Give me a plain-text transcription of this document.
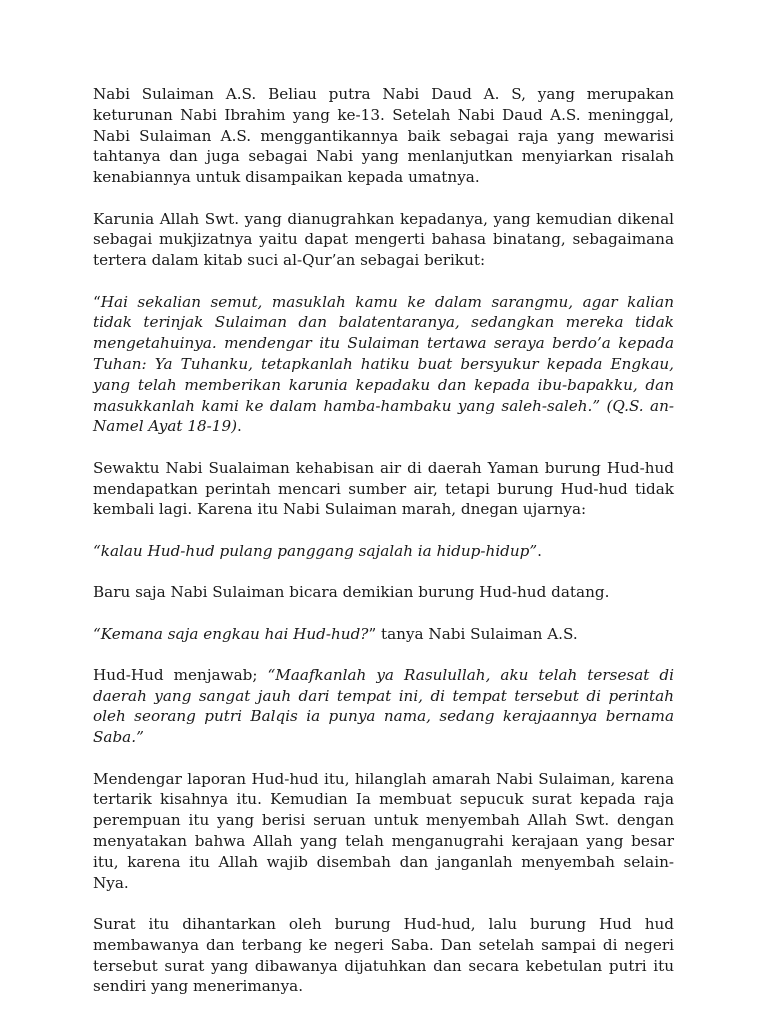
Nabi Sulaiman A.S. Beliau putra Nabi Daud A. S, yang merupakan keturunan Nabi Ibrahim yang ke-13. Setelah Nabi Daud A.S. meninggal, Nabi Sulaiman A.S. menggantikannya baik sebagai raja yang mewarisi tahtanya dan juga sebagai Nabi yang menlanjutkan menyiarkan risalah kenabiannya untuk disampaikan kepada umatnya.

Karunia Allah Swt. yang dianugrahkan kepadanya, yang kemudian dikenal sebagai mukjizatnya yaitu dapat mengerti bahasa binatang, sebagaimana tertera dalam kitab suci al-Qur’an sebagai berikut:

“Hai sekalian semut, masuklah kamu ke dalam sarangmu, agar kalian tidak terinjak Sulaiman dan balatentaranya, sedangkan mereka tidak mengetahuinya. mendengar itu Sulaiman tertawa seraya berdo’a kepada Tuhan: Ya Tuhanku, tetapkanlah hatiku buat bersyukur kepada Engkau, yang telah memberikan karunia kepadaku dan kepada ibu-bapakku, dan masukkanlah kami ke dalam hamba-hambaku yang saleh-saleh.” (Q.S. an-Namel Ayat 18-19).

Sewaktu Nabi Sualaiman kehabisan air di daerah Yaman burung Hud-hud mendapatkan perintah mencari sumber air, tetapi burung Hud-hud tidak kembali lagi. Karena itu Nabi Sulaiman marah, dnegan ujarnya:

“kalau Hud-hud pulang panggang sajalah ia hidup-hidup”.

Baru saja Nabi Sulaiman bicara demikian burung Hud-hud datang.

“Kemana saja engkau hai Hud-hud?” tanya Nabi Sulaiman A.S.

Hud-Hud menjawab; “Maafkanlah ya Rasulullah, aku telah tersesat di daerah yang sangat jauh dari tempat ini, di tempat tersebut di perintah oleh seorang putri Balqis ia punya nama, sedang kerajaannya bernama Saba.”

Mendengar laporan Hud-hud itu, hilanglah amarah Nabi Sulaiman, karena tertarik kisahnya itu. Kemudian Ia membuat sepucuk surat kepada raja perempuan itu yang berisi seruan untuk menyembah Allah Swt. dengan menyatakan bahwa Allah yang telah menganugrahi kerajaan yang besar itu, karena itu Allah wajib disembah dan janganlah menyembah selain-Nya.

Surat itu dihantarkan oleh burung Hud-hud, lalu burung Hud hud membawanya dan terbang ke negeri Saba. Dan setelah sampai di negeri tersebut surat yang dibawanya dijatuhkan dan secara kebetulan putri itu sendiri yang menerimanya.
